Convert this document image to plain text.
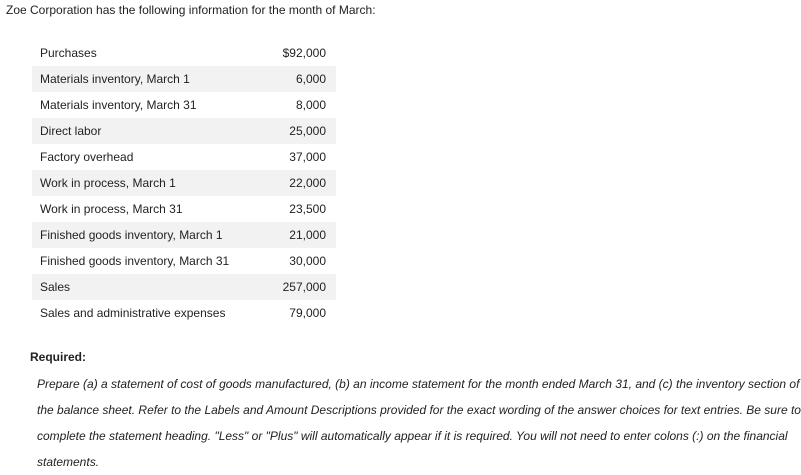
Zoe Corporation has the following information for the month of March:
Purchases	$92,000
Materials inventory, March 1	6,000
Materials inventory, March 31	8,000
Direct labor	25,000
Factory overhead	37,000
Work in process, March 1	22,000
Work in process, March 31	23,500
Finished goods inventory, March 1	21,000
Finished goods inventory, March 31	30,000
Sales	257,000
Sales and administrative expenses	79,000
Required:

Prepare (a) a statement of cost of goods manufactured, (b) an income statement for the month ended March 31, and (c) the inventory section of the balance sheet. Refer to the Labels and Amount Descriptions provided for the exact wording of the answer choices for text entries. Be sure to complete the statement heading. "Less" or "Plus" will automatically appear if it is required. You will not need to enter colons (:) on the financial statements.
